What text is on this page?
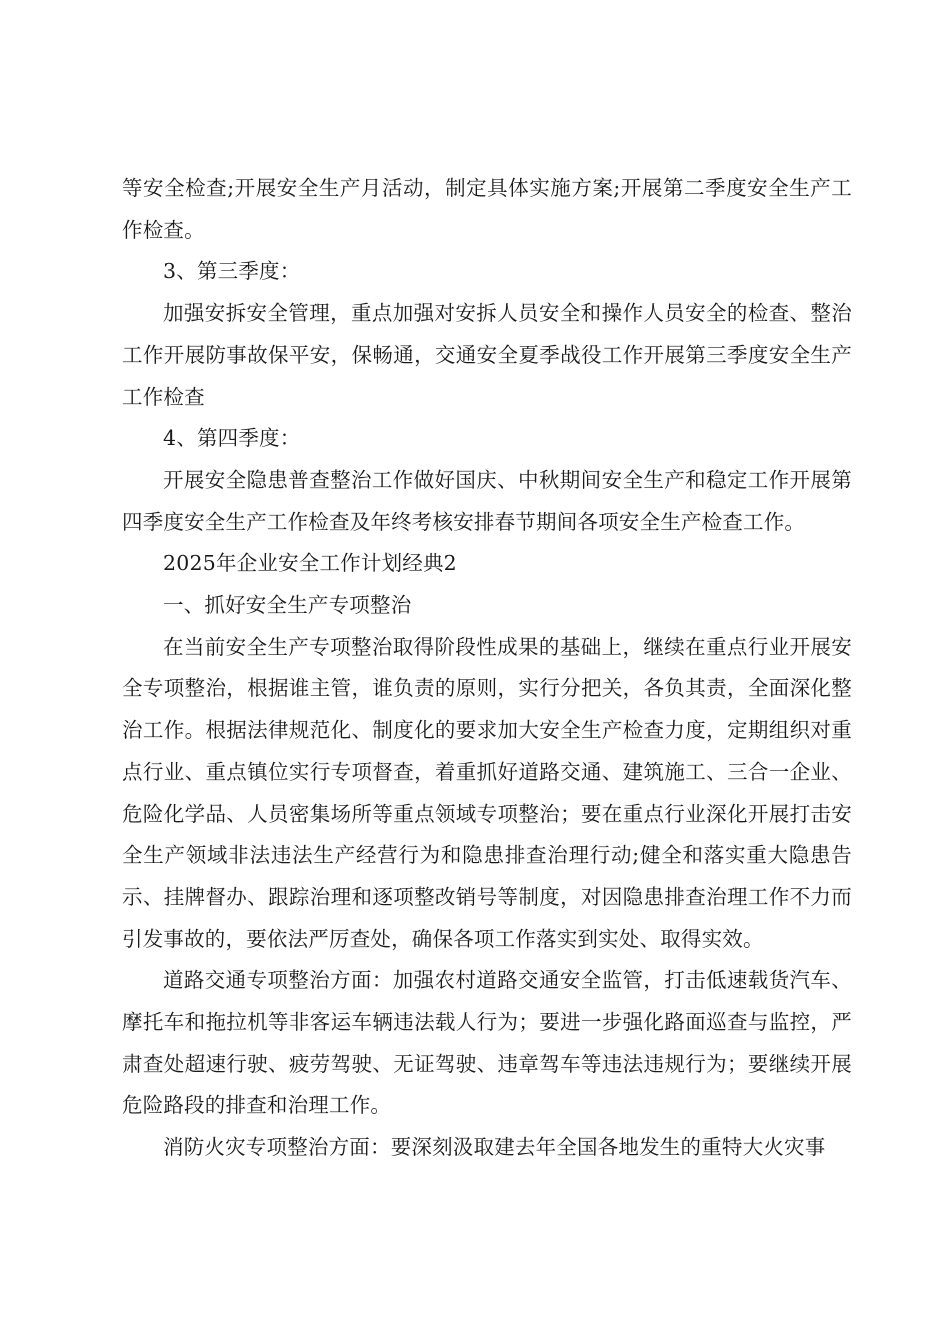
等安全检查;开展安全生产月活动，制定具体实施方案;开展第二季度安全生产工作检查。

3、第三季度：

加强安拆安全管理，重点加强对安拆人员安全和操作人员安全的检查、整治工作开展防事故保平安，保畅通，交通安全夏季战役工作开展第三季度安全生产工作检查

4、第四季度：

开展安全隐患普查整治工作做好国庆、中秋期间安全生产和稳定工作开展第四季度安全生产工作检查及年终考核安排春节期间各项安全生产检查工作。

2025年企业安全工作计划经典2

一、抓好安全生产专项整治

在当前安全生产专项整治取得阶段性成果的基础上，继续在重点行业开展安全专项整治，根据谁主管，谁负责的原则，实行分把关，各负其责，全面深化整治工作。根据法律规范化、制度化的要求加大安全生产检查力度，定期组织对重点行业、重点镇位实行专项督查，着重抓好道路交通、建筑施工、三合一企业、危险化学品、人员密集场所等重点领域专项整治；要在重点行业深化开展打击安全生产领域非法违法生产经营行为和隐患排查治理行动;健全和落实重大隐患告示、挂牌督办、跟踪治理和逐项整改销号等制度，对因隐患排查治理工作不力而引发事故的，要依法严厉查处，确保各项工作落实到实处、取得实效。

道路交通专项整治方面：加强农村道路交通安全监管，打击低速载货汽车、摩托车和拖拉机等非客运车辆违法载人行为；要进一步强化路面巡查与监控，严肃查处超速行驶、疲劳驾驶、无证驾驶、违章驾车等违法违规行为；要继续开展危险路段的排查和治理工作。

消防火灾专项整治方面：要深刻汲取建去年全国各地发生的重特大火灾事
